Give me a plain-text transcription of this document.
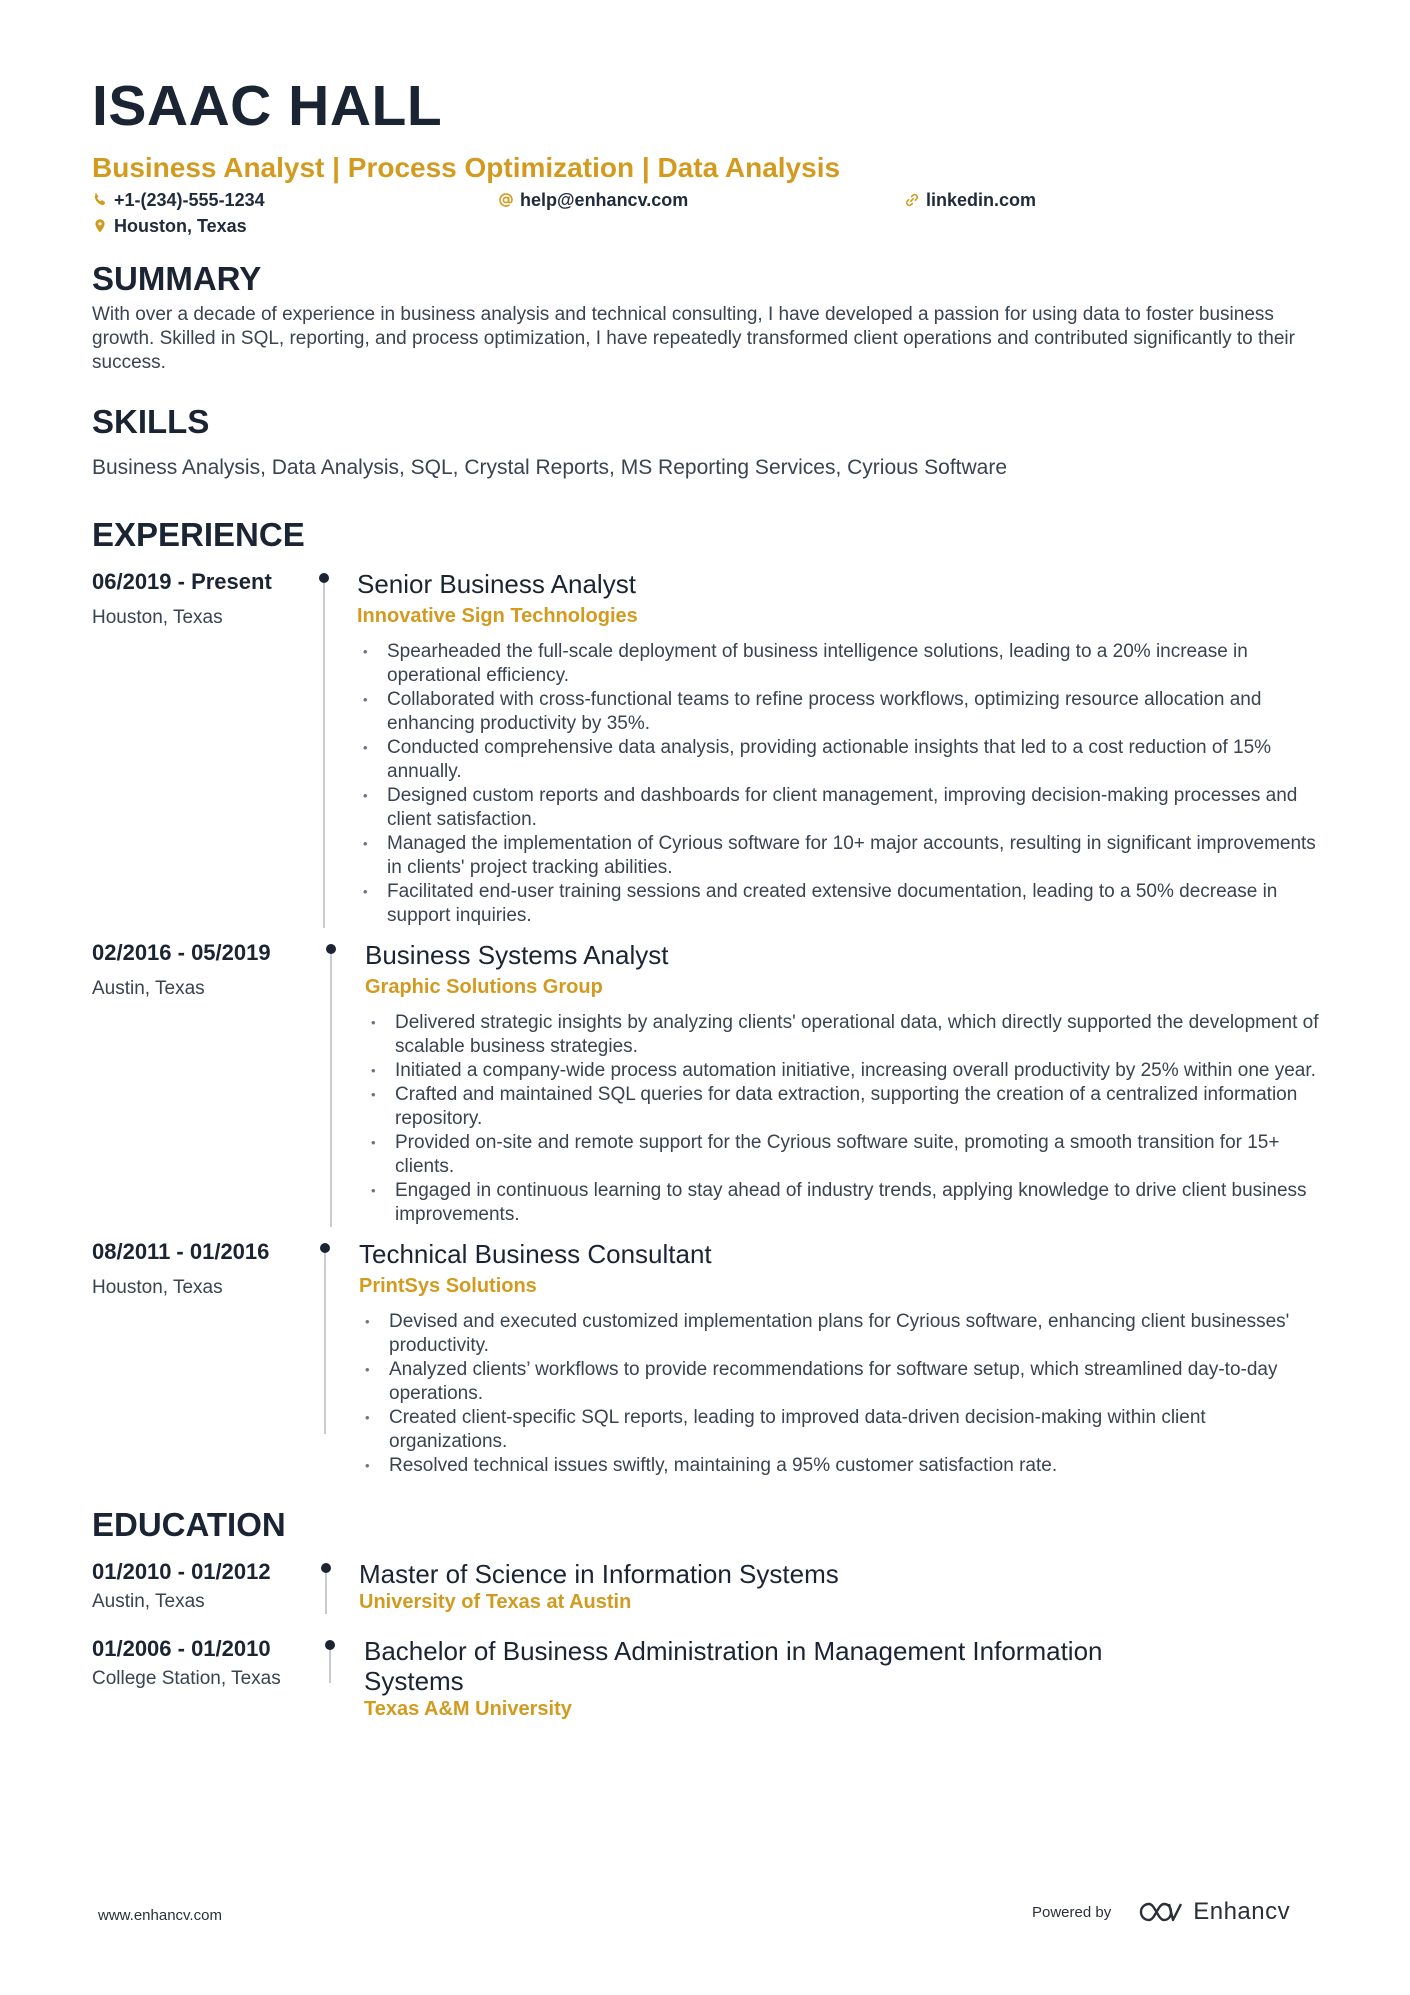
ISAAC HALL
Business Analyst | Process Optimization | Data Analysis
+1-(234)-555-1234	help@enhancv.com	linkedin.com
Houston, Texas
SUMMARY
With over a decade of experience in business analysis and technical consulting, I have developed a passion for using data to foster business growth. Skilled in SQL, reporting, and process optimization, I have repeatedly transformed client operations and contributed significantly to their success.
SKILLS
Business Analysis, Data Analysis, SQL, Crystal Reports, MS Reporting Services, Cyrious Software
EXPERIENCE
06/2019 - Present
Houston, Texas
Senior Business Analyst
Innovative Sign Technologies
• Spearheaded the full-scale deployment of business intelligence solutions, leading to a 20% increase in operational efficiency.
• Collaborated with cross-functional teams to refine process workflows, optimizing resource allocation and enhancing productivity by 35%.
• Conducted comprehensive data analysis, providing actionable insights that led to a cost reduction of 15% annually.
• Designed custom reports and dashboards for client management, improving decision-making processes and client satisfaction.
• Managed the implementation of Cyrious software for 10+ major accounts, resulting in significant improvements in clients' project tracking abilities.
• Facilitated end-user training sessions and created extensive documentation, leading to a 50% decrease in support inquiries.
02/2016 - 05/2019
Austin, Texas
Business Systems Analyst
Graphic Solutions Group
• Delivered strategic insights by analyzing clients' operational data, which directly supported the development of scalable business strategies.
• Initiated a company-wide process automation initiative, increasing overall productivity by 25% within one year.
• Crafted and maintained SQL queries for data extraction, supporting the creation of a centralized information repository.
• Provided on-site and remote support for the Cyrious software suite, promoting a smooth transition for 15+ clients.
• Engaged in continuous learning to stay ahead of industry trends, applying knowledge to drive client business improvements.
08/2011 - 01/2016
Houston, Texas
Technical Business Consultant
PrintSys Solutions
• Devised and executed customized implementation plans for Cyrious software, enhancing client businesses' productivity.
• Analyzed clients’ workflows to provide recommendations for software setup, which streamlined day-to-day operations.
• Created client-specific SQL reports, leading to improved data-driven decision-making within client organizations.
• Resolved technical issues swiftly, maintaining a 95% customer satisfaction rate.
EDUCATION
01/2010 - 01/2012
Austin, Texas
Master of Science in Information Systems
University of Texas at Austin
01/2006 - 01/2010
College Station, Texas
Bachelor of Business Administration in Management Information Systems
Texas A&M University
www.enhancv.com	Powered by	Enhancv
